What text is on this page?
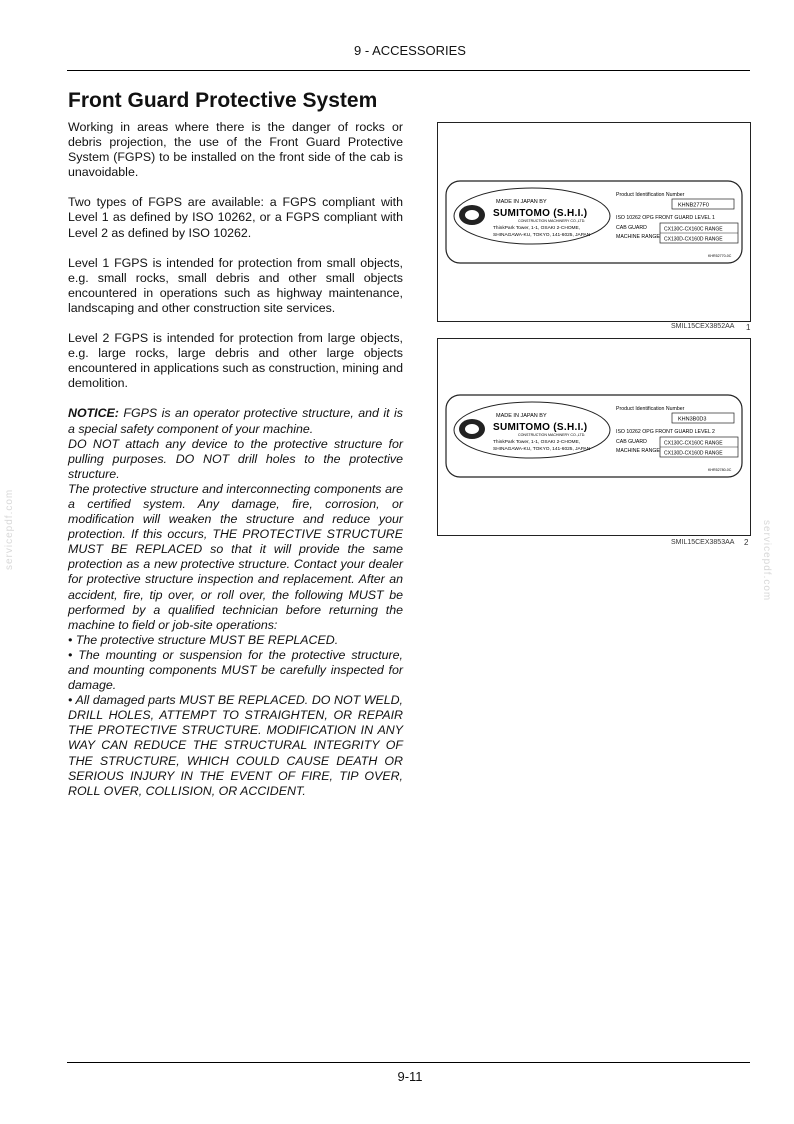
9 - ACCESSORIES
Front Guard Protective System

Working in areas where there is the danger of rocks or debris projection, the use of the Front Guard Protective System (FGPS) to be installed on the front side of the cab is unavoidable.

Two types of FGPS are available: a FGPS compliant with Level 1 as defined by ISO 10262, or a FGPS compliant with Level 2 as defined by ISO 10262.

Level 1 FGPS is intended for protection from small objects, e.g. small rocks, small debris and other small objects encountered in operations such as highway maintenance, landscaping and other construction site services.

Level 2 FGPS is intended for protection from large objects, e.g. large rocks, large debris and other large objects encountered in applications such as construction, mining and demolition.

NOTICE: FGPS is an operator protective structure, and it is a special safety component of your machine.
DO NOT attach any device to the protective structure for pulling purposes. DO NOT drill holes to the protective structure.
The protective structure and interconnecting components are a certified system. Any damage, fire, corrosion, or modification will weaken the structure and reduce your protection. If this occurs, THE PROTECTIVE STRUCTURE MUST BE REPLACED so that it will provide the same protection as a new protective structure. Contact your dealer for protective structure inspection and replacement. After an accident, fire, tip over, or roll over, the following MUST be performed by a qualified technician before returning the machine to field or job-site operations:
• The protective structure MUST BE REPLACED.
• The mounting or suspension for the protective structure, and mounting components MUST be carefully inspected for damage.
• All damaged parts MUST BE REPLACED. DO NOT WELD, DRILL HOLES, ATTEMPT TO STRAIGHTEN, OR REPAIR THE PROTECTIVE STRUCTURE. MODIFICATION IN ANY WAY CAN REDUCE THE STRUCTURAL INTEGRITY OF THE STRUCTURE, WHICH COULD CAUSE DEATH OR SERIOUS INJURY IN THE EVENT OF FIRE, TIP OVER, ROLL OVER, COLLISION, OR ACCIDENT.
MADE IN JAPAN BY
SUMITOMO (S.H.I.)
CONSTRUCTION MACHINERY CO.,LTD.
ThinkPark Tower, 1-1, OSAKI 2-CHOME,
SHINAGAWA-KU, TOKYO, 141-6025, JAPAN
Product Identification Number
KHNB277F0
ISO 10262 OPG FRONT GUARD LEVEL 1
CAB GUARD
MACHINE RANGE
CX130C-CX160C RANGE
CX130D-CX160D RANGE
KHR52770-0C
SMIL15CEX3852AA 1
MADE IN JAPAN BY
SUMITOMO (S.H.I.)
CONSTRUCTION MACHINERY CO.,LTD.
ThinkPark Tower, 1-1, OSAKI 2-CHOME,
SHINAGAWA-KU, TOKYO, 141-6025, JAPAN
Product Identification Number
KHN3B0D3
ISO 10262 OPG FRONT GUARD LEVEL 2
CAB GUARD
MACHINE RANGE
CX130C-CX160C RANGE
CX130D-CX160D RANGE
KHR52780-0C
SMIL15CEX3853AA 2
servicepdf.com	servicepdf.com
9-11
